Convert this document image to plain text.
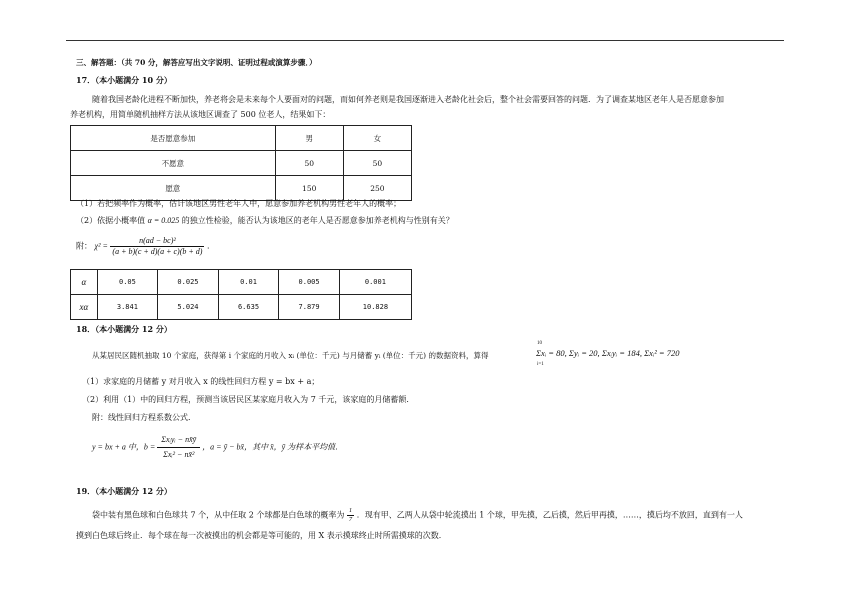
三、解答题：（共 70 分，解答应写出文字说明、证明过程或演算步骤．）
17．（本小题满分 10 分）
随着我国老龄化进程不断加快，养老将会是未来每个人要面对的问题，而如何养老则是我国逐渐进入老龄化社会后，整个社会需要回答的问题．为了调查某地区老年人是否愿意参加
养老机构，用简单随机抽样方法从该地区调查了 500 位老人，结果如下：
是否愿意参加	男	女
不愿意	50	50
愿意	150	250
（1）若把频率作为概率，估计该地区男性老年人中，愿意参加养老机构男性老年人的概率；
（2）依据小概率值 α = 0.025 的独立性检验，能否认为该地区的老年人是否愿意参加养老机构与性别有关？
附： $\chi^2 = \frac{\text{n(ad − bc)²}}{(a + b)(c + d)(a + c)(b + d)}$ ．
α	0.05	0.025	0.01	0.005	0.001
xα	3.841	5.024	6.635	7.879	10.828
18．（本小题满分 12 分）
从某居民区随机抽取 10 个家庭，获得第 i 个家庭的月收入 xᵢ (单位：千元) 与月储蓄 yᵢ (单位：千元) 的数据资料，算得	Σxᵢ = 80, Σyᵢ = 20, Σxᵢyᵢ = 184, Σxᵢ² = 720
10
i=1
（1）求家庭的月储蓄 y 对月收入 x 的线性回归方程 y = bx + a；
（2）利用（1）中的回归方程，预测当该居民区某家庭月收入为 7 千元，该家庭的月储蓄额．
附：线性回归方程系数公式．
y = bx + a 中，$b = \frac{\text{Σxᵢyᵢ − nx̄ȳ}}{\text{Σxᵢ² − nx̄²}}$ ，a = ȳ − bx̄，其中 x̄，ȳ 为样本平均值．
19．（本小题满分 12 分）
袋中装有黑色球和白色球共 7 个，从中任取 2 个球都是白色球的概率为 $\frac{1}{7}$ ．现有甲、乙两人从袋中轮流摸出 1 个球，甲先摸，乙后摸，然后甲再摸，……，摸后均不放回，直到有一人
摸到白色球后终止．每个球在每一次被摸出的机会都是等可能的，用 X 表示摸球终止时所需摸球的次数．
